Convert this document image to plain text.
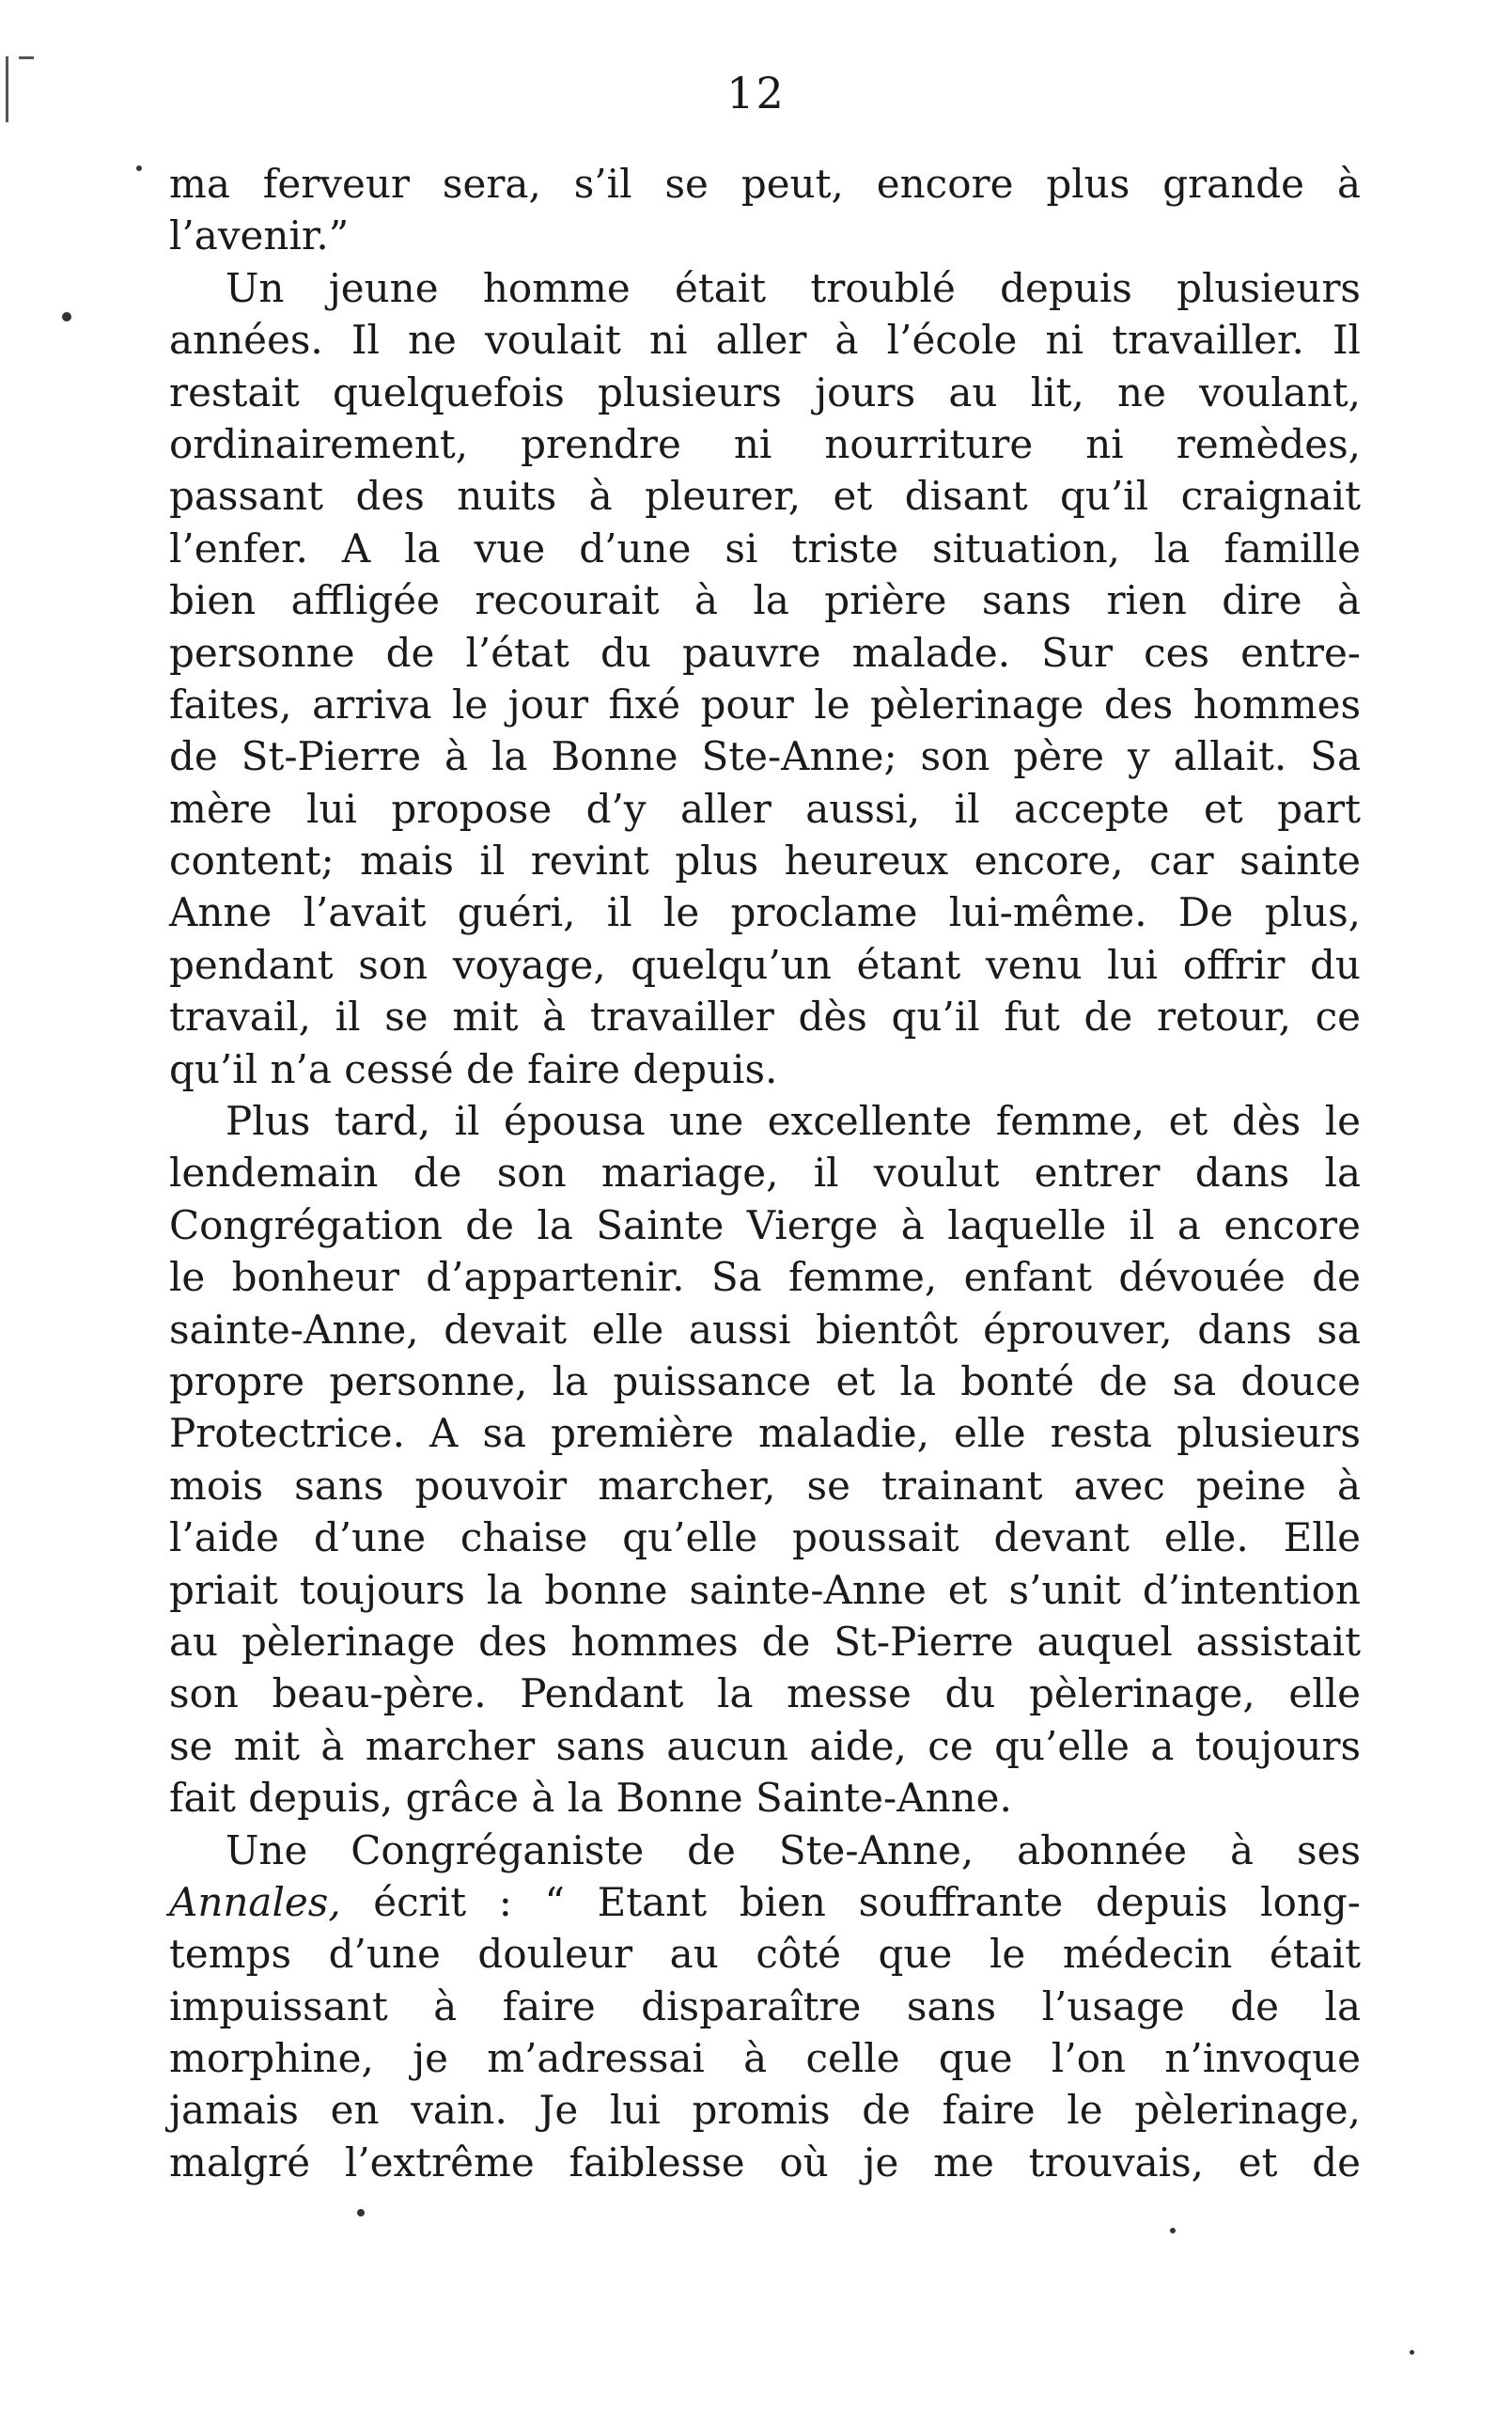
12
ma ferveur sera, s’il se peut, encore plus grande à
l’avenir.”
Un jeune homme était troublé depuis plusieurs
années. Il ne voulait ni aller à l’école ni travailler. Il
restait quelquefois plusieurs jours au lit, ne voulant,
ordinairement, prendre ni nourriture ni remèdes,
passant des nuits à pleurer, et disant qu’il craignait
l’enfer. A la vue d’une si triste situation, la famille
bien affligée recourait à la prière sans rien dire à
personne de l’état du pauvre malade. Sur ces entre-
faites, arriva le jour fixé pour le pèlerinage des hommes
de St-Pierre à la Bonne Ste-Anne; son père y allait. Sa
mère lui propose d’y aller aussi, il accepte et part
content; mais il revint plus heureux encore, car sainte
Anne l’avait guéri, il le proclame lui-même. De plus,
pendant son voyage, quelqu’un étant venu lui offrir du
travail, il se mit à travailler dès qu’il fut de retour, ce
qu’il n’a cessé de faire depuis.
Plus tard, il épousa une excellente femme, et dès le
lendemain de son mariage, il voulut entrer dans la
Congrégation de la Sainte Vierge à laquelle il a encore
le bonheur d’appartenir. Sa femme, enfant dévouée de
sainte-Anne, devait elle aussi bientôt éprouver, dans sa
propre personne, la puissance et la bonté de sa douce
Protectrice. A sa première maladie, elle resta plusieurs
mois sans pouvoir marcher, se trainant avec peine à
l’aide d’une chaise qu’elle poussait devant elle. Elle
priait toujours la bonne sainte-Anne et s’unit d’intention
au pèlerinage des hommes de St-Pierre auquel assistait
son beau-père. Pendant la messe du pèlerinage, elle
se mit à marcher sans aucun aide, ce qu’elle a toujours
fait depuis, grâce à la Bonne Sainte-Anne.
Une Congréganiste de Ste-Anne, abonnée à ses
Annales, écrit : “ Etant bien souffrante depuis long-
temps d’une douleur au côté que le médecin était
impuissant à faire disparaître sans l’usage de la
morphine, je m’adressai à celle que l’on n’invoque
jamais en vain. Je lui promis de faire le pèlerinage,
malgré l’extrême faiblesse où je me trouvais, et de
